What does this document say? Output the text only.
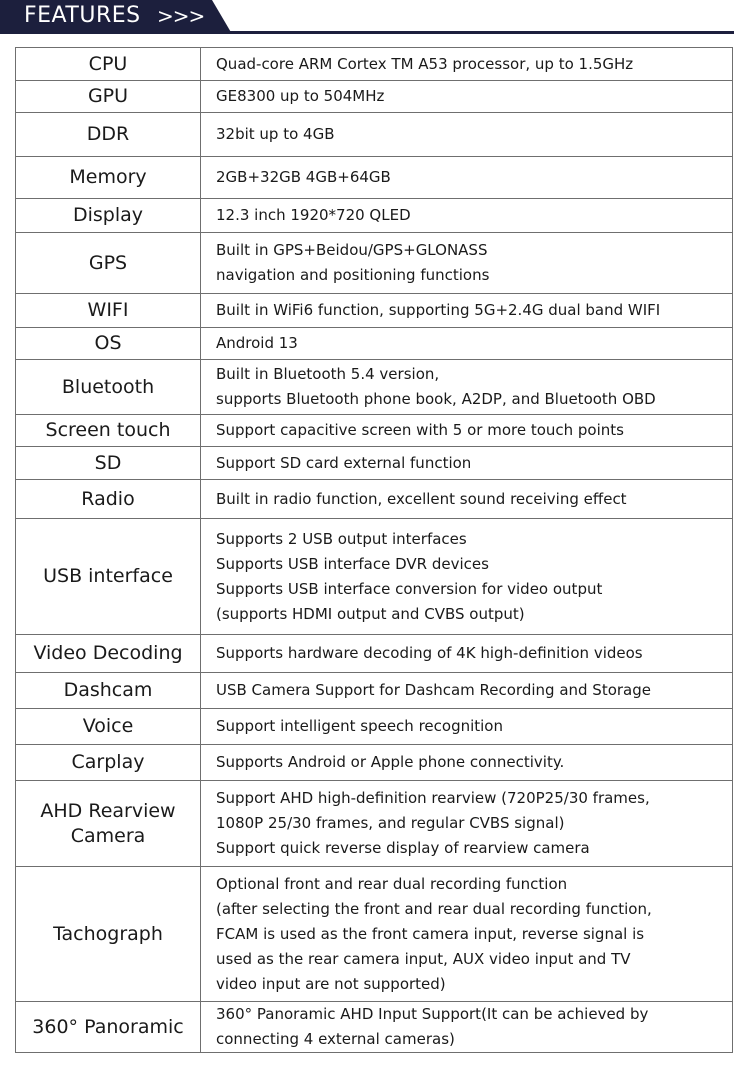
FEATURES >>>
CPU	Quad-core ARM Cortex TM A53 processor, up to 1.5GHz

GPU	GE8300 up to 504MHz

DDR	32bit up to 4GB

Memory	2GB+32GB 4GB+64GB

Display	12.3 inch 1920*720 QLED

GPS	Built in GPS+Beidou/GPS+GLONASS
navigation and positioning functions

WIFI	Built in WiFi6 function, supporting 5G+2.4G dual band WIFI

OS	Android 13

Bluetooth	Built in Bluetooth 5.4 version,
supports Bluetooth phone book, A2DP, and Bluetooth OBD

Screen touch	Support capacitive screen with 5 or more touch points

SD	Support SD card external function

Radio	Built in radio function, excellent sound receiving effect

USB interface	Supports 2 USB output interfaces
Supports USB interface DVR devices
Supports USB interface conversion for video output
(supports HDMI output and CVBS output)

Video Decoding	Supports hardware decoding of 4K high-definition videos

Dashcam	USB Camera Support for Dashcam Recording and Storage

Voice	Support intelligent speech recognition

Carplay	Supports Android or Apple phone connectivity.

AHD Rearview
Camera	Support AHD high-definition rearview (720P25/30 frames,
1080P 25/30 frames, and regular CVBS signal)
Support quick reverse display of rearview camera

Tachograph	Optional front and rear dual recording function
(after selecting the front and rear dual recording function,
FCAM is used as the front camera input, reverse signal is
used as the rear camera input, AUX video input and TV
video input are not supported)

360° Panoramic	360° Panoramic AHD Input Support(It can be achieved by
connecting 4 external cameras)
